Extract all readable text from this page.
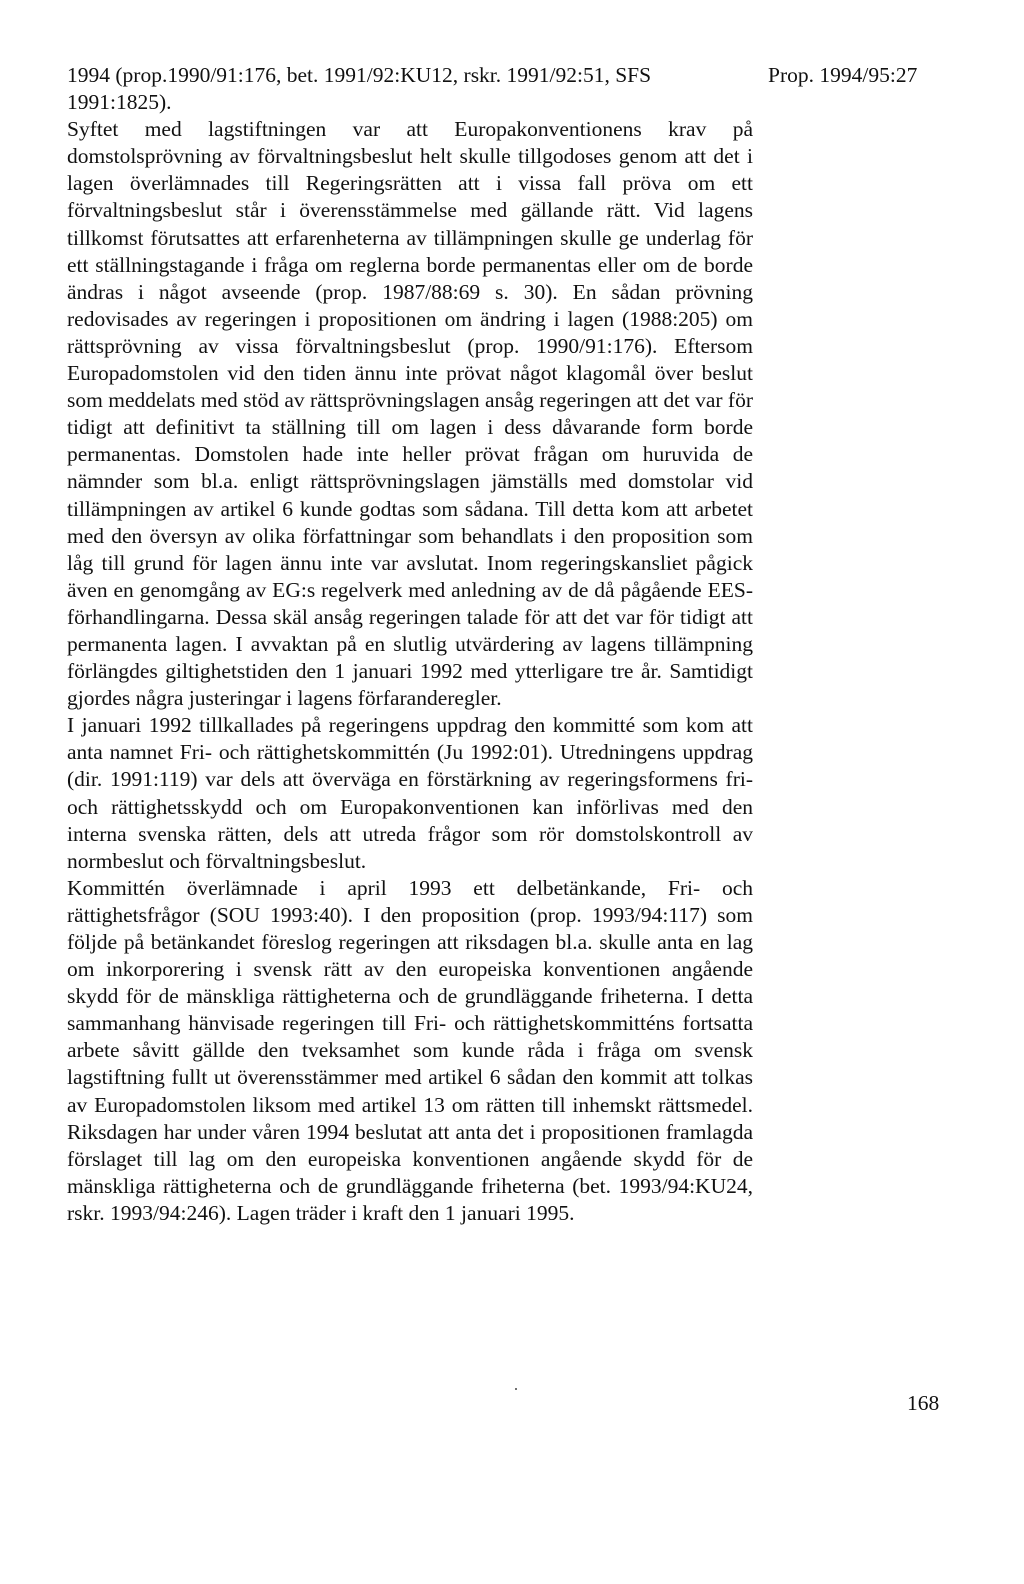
Prop. 1994/95:27

1994 (prop.1990/91:176, bet. 1991/92:KU12, rskr. 1991/92:51, SFS 1991:1825).

Syftet med lagstiftningen var att Europakonventionens krav på domstolsprövning av förvaltningsbeslut helt skulle tillgodoses genom att det i lagen överlämnades till Regeringsrätten att i vissa fall pröva om ett förvaltningsbeslut står i överensstämmelse med gällande rätt. Vid lagens tillkomst förutsattes att erfarenheterna av tillämpningen skulle ge underlag för ett ställningstagande i fråga om reglerna borde permanentas eller om de borde ändras i något avseende (prop. 1987/88:69 s. 30). En sådan prövning redovisades av regeringen i propositionen om ändring i lagen (1988:205) om rättsprövning av vissa förvaltningsbeslut (prop. 1990/91:176). Eftersom Europadomstolen vid den tiden ännu inte prövat något klagomål över beslut som meddelats med stöd av rättsprövningslagen ansåg regeringen att det var för tidigt att definitivt ta ställning till om lagen i dess dåvarande form borde permanentas. Domstolen hade inte heller prövat frågan om huruvida de nämnder som bl.a. enligt rättsprövningslagen jämställs med domstolar vid tillämpningen av artikel 6 kunde godtas som sådana. Till detta kom att arbetet med den översyn av olika författningar som behandlats i den proposition som låg till grund för lagen ännu inte var avslutat. Inom regeringskansliet pågick även en genomgång av EG:s regelverk med anledning av de då pågående EES-förhandlingarna. Dessa skäl ansåg regeringen talade för att det var för tidigt att permanenta lagen. I avvaktan på en slutlig utvärdering av lagens tillämpning förlängdes giltighetstiden den 1 januari 1992 med ytterligare tre år. Samtidigt gjordes några justeringar i lagens förfaranderegler.

I januari 1992 tillkallades på regeringens uppdrag den kommitté som kom att anta namnet Fri- och rättighetskommittén (Ju 1992:01). Utredningens uppdrag (dir. 1991:119) var dels att överväga en förstärkning av regeringsformens fri- och rättighetsskydd och om Europakonventionen kan införlivas med den interna svenska rätten, dels att utreda frågor som rör domstolskontroll av normbeslut och förvaltningsbeslut.

Kommittén överlämnade i april 1993 ett delbetänkande, Fri- och rättighetsfrågor (SOU 1993:40). I den proposition (prop. 1993/94:117) som följde på betänkandet föreslog regeringen att riksdagen bl.a. skulle anta en lag om inkorporering i svensk rätt av den europeiska konventionen angående skydd för de mänskliga rättigheterna och de grundläggande friheterna. I detta sammanhang hänvisade regeringen till Fri- och rättighetskommitténs fortsatta arbete såvitt gällde den tveksamhet som kunde råda i fråga om svensk lagstiftning fullt ut överensstämmer med artikel 6 sådan den kommit att tolkas av Europadomstolen liksom med artikel 13 om rätten till inhemskt rättsmedel. Riksdagen har under våren 1994 beslutat att anta det i propositionen framlagda förslaget till lag om den europeiska konventionen angående skydd för de mänskliga rättigheterna och de grundläggande friheterna (bet. 1993/94:KU24, rskr. 1993/94:246). Lagen träder i kraft den 1 januari 1995.

168
